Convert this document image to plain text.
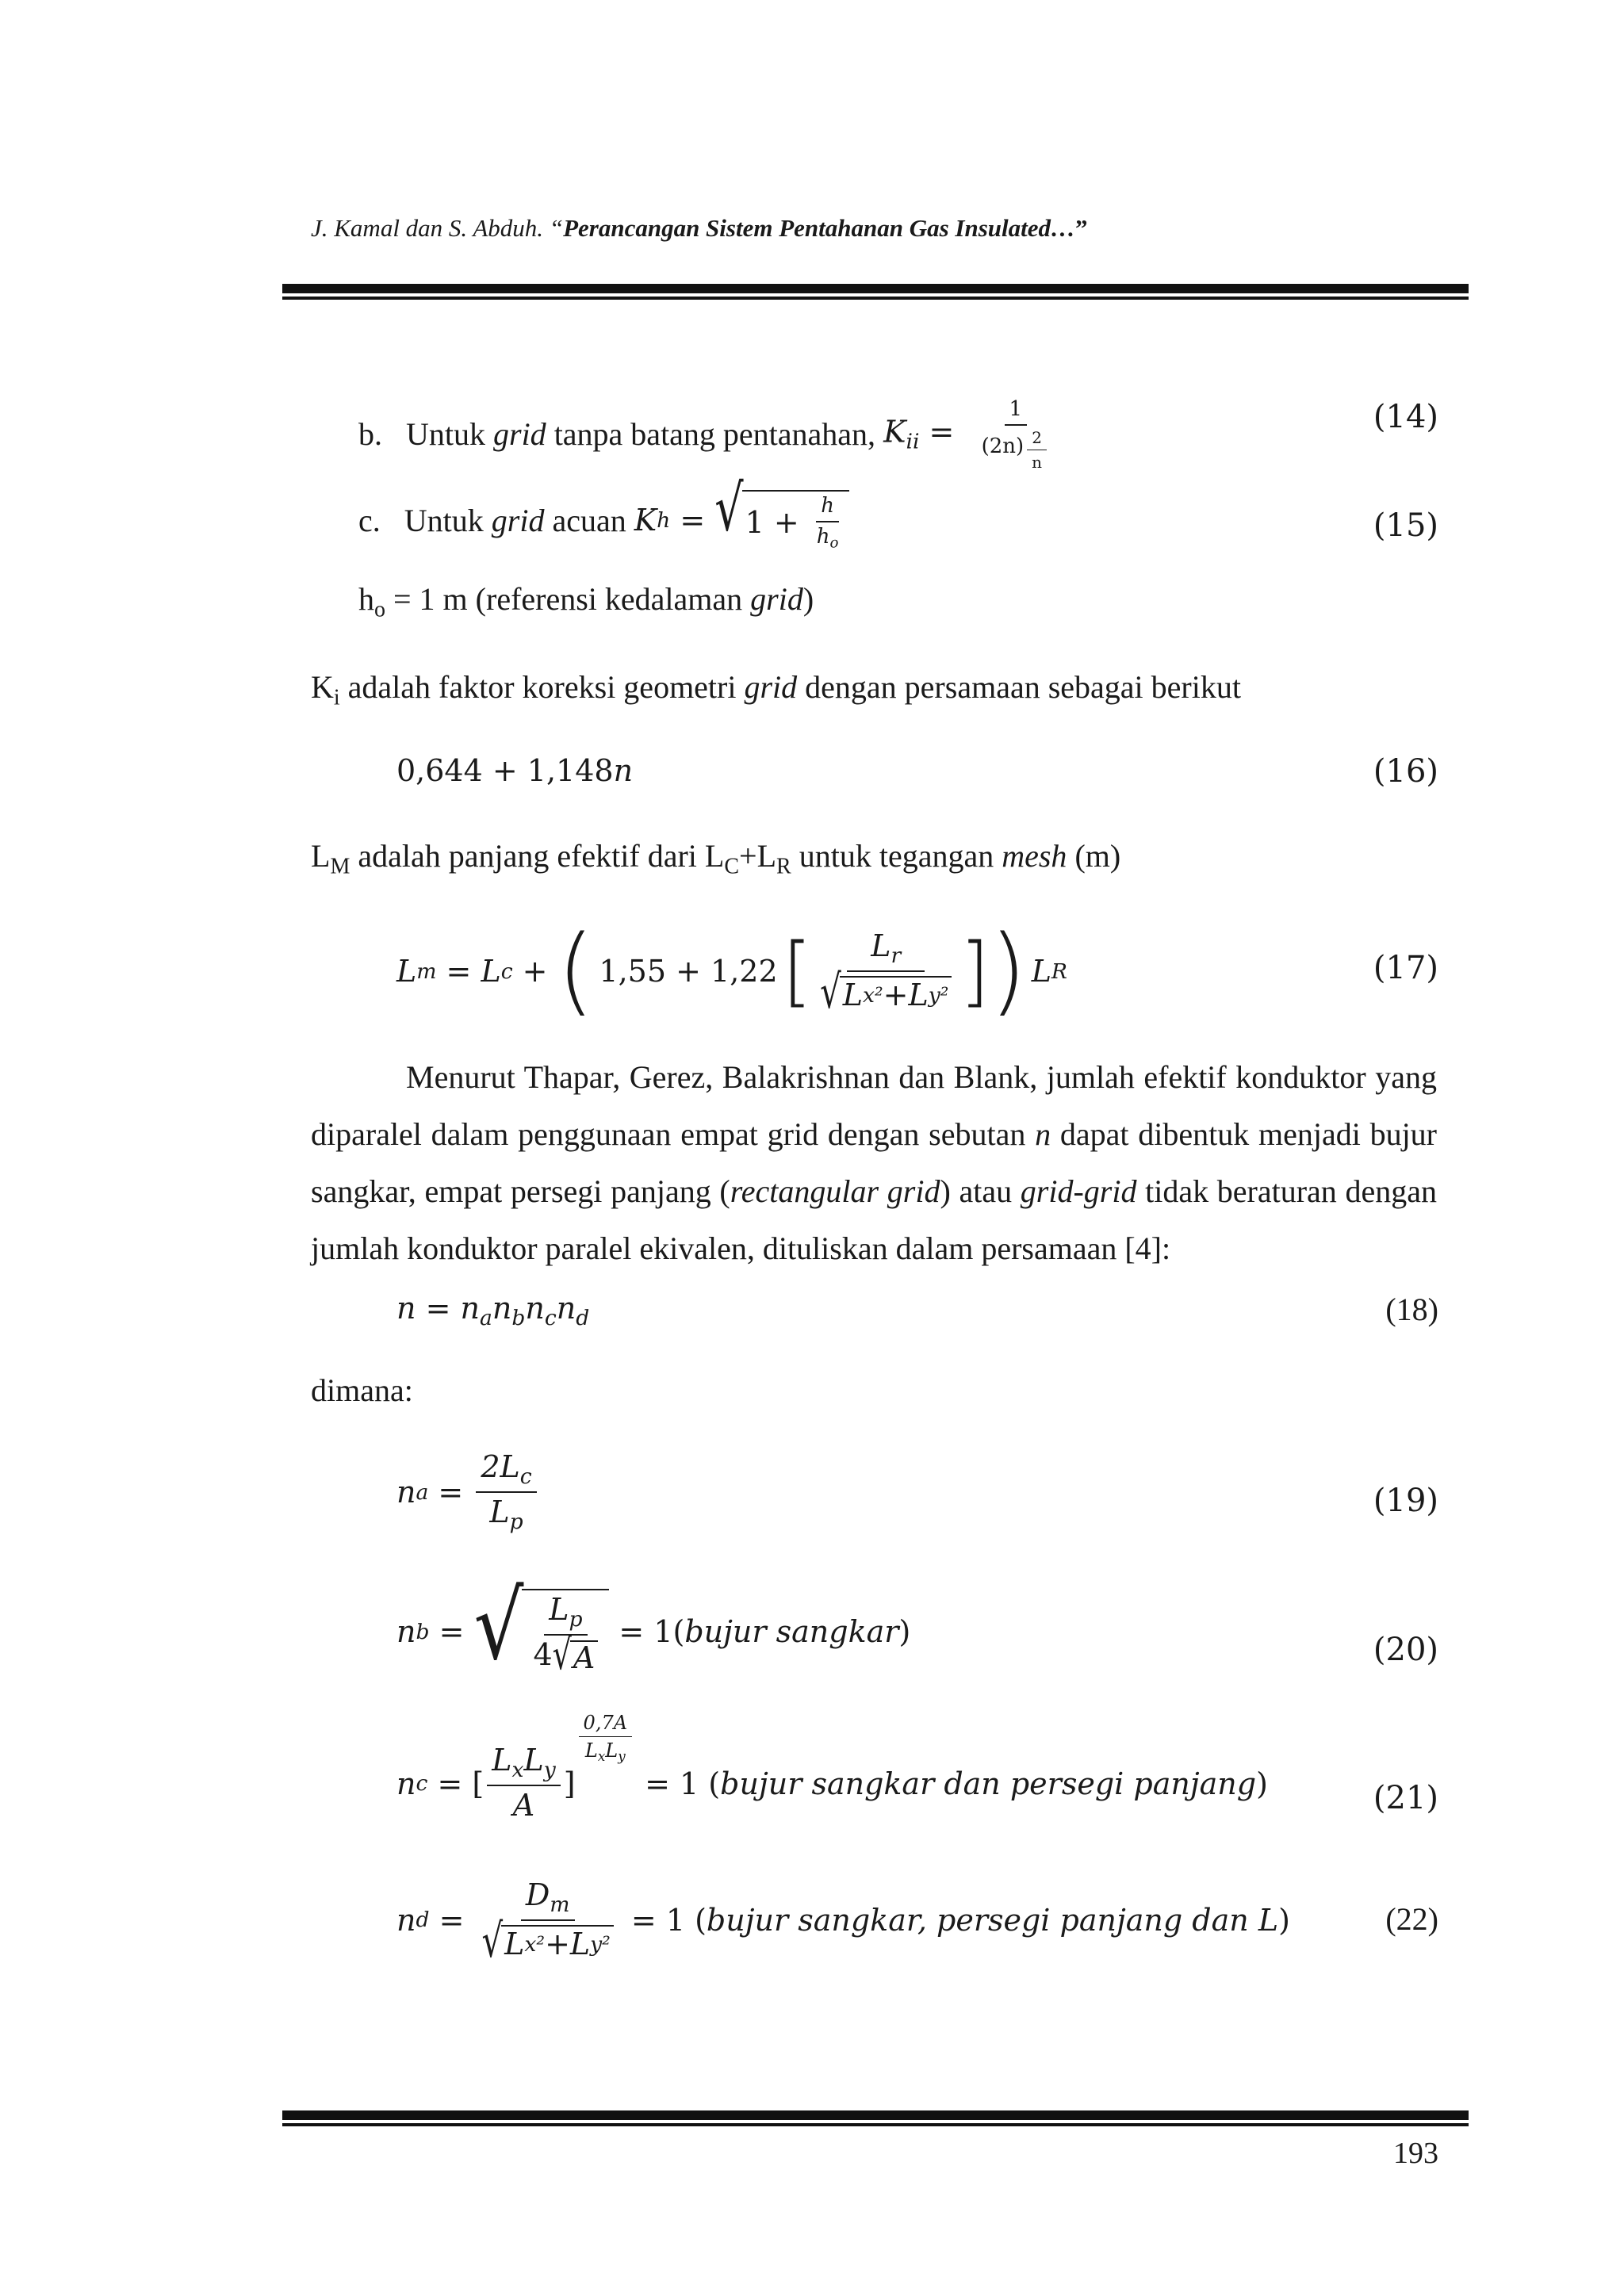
J. Kamal dan S. Abduh. “Perancangan Sistem Pentahanan Gas Insulated…”
b.   Untuk grid tanpa batang pentanahan, $K_{ii} = \frac{1}{(2n) \frac{2}{n}}$	(14)
c.   Untuk grid acuan K h = √ $1 + \frac{h}{h_o}$	(15)
$h_o = 1$ m (referensi kedalaman grid)
$K_i$ adalah faktor koreksi geometri grid dengan persamaan sebagai berikut
0,644 + 1,148n	(16)
$L_M$ adalah panjang efektif dari $L_C+L_R$ untuk tegangan mesh (m)
L m = L c + ( 1,55 + 1,22 [ $\frac{L_r}{\text{√ L x² + L y²}}$ ] ) L R	(17)
Menurut Thapar, Gerez, Balakrishnan dan Blank, jumlah efektif konduktor yang diparalel dalam penggunaan empat grid dengan sebutan n dapat dibentuk menjadi bujur sangkar, empat persegi panjang (rectangular grid) atau grid-grid tidak beraturan dengan jumlah konduktor paralel ekivalen, dituliskan dalam persamaan [4]:
$n = n_an_bn_cn_d$	(18)
dimana:
n $a = \frac{2L_c}{L_p}$	(19)
n b = √ $\frac{L_p}{4 √ A} = 1$( bujur sangkar )	(20)
n c = [ $\frac{L_xL_y}{A}$ ]
$\frac{0,7A}{L_xL_y}$
= 1 ( bujur sangkar dan persegi panjang )	(21)
n $d = \frac{D_m}{\text{√ L x² + L y²}} = 1$ ( bujur sangkar, persegi panjang dan L )	(22)
193
